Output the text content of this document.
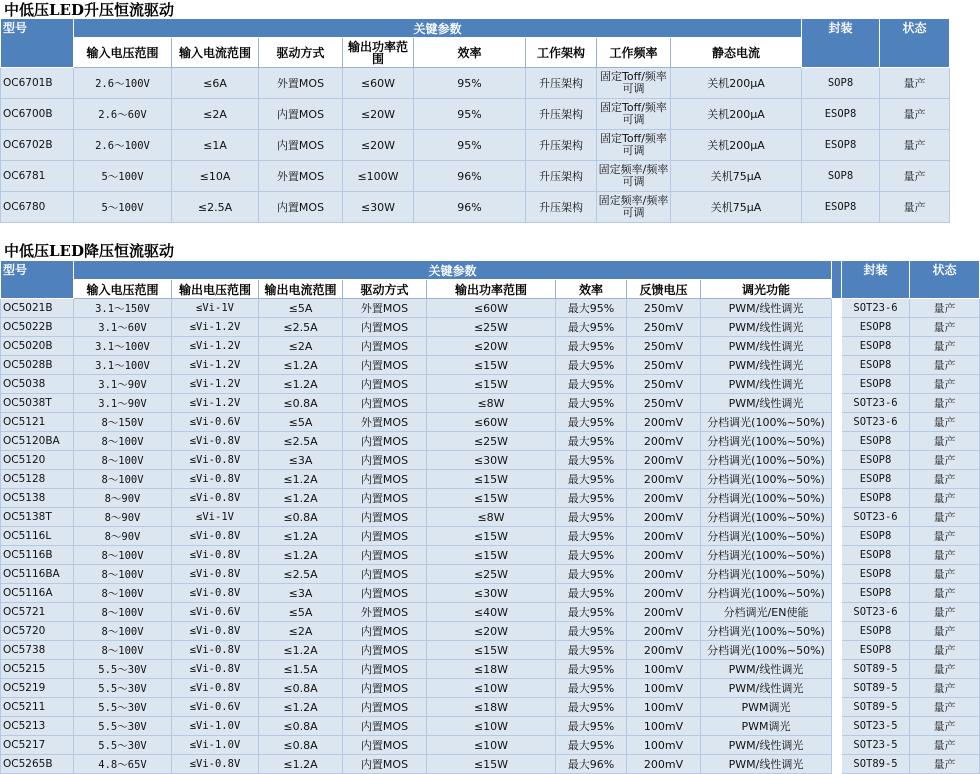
中低压LED升压恒流驱动
型号	关键参数								封装	状态
	输入电压范围	输入电流范围	驱动方式	输出功率范围	效率	工作架构	工作频率	静态电流		
OC6701B	2.6～100V	≤6A	外置MOS	≤60W	95%	升压架构	固定Toff/频率可调	关机200μA	SOP8	量产
OC6700B	2.6～60V	≤2A	内置MOS	≤20W	95%	升压架构	固定Toff/频率可调	关机200μA	ESOP8	量产
OC6702B	2.6～100V	≤1A	内置MOS	≤20W	95%	升压架构	固定Toff/频率可调	关机200μA	ESOP8	量产
OC6781	5～100V	≤10A	外置MOS	≤100W	96%	升压架构	固定频率/频率可调	关机75μA	SOP8	量产
OC6780	5～100V	≤2.5A	内置MOS	≤30W	96%	升压架构	固定频率/频率可调	关机75μA	ESOP8	量产
中低压LED降压恒流驱动
型号	关键参数									封装	状态
	输入电压范围	输出电压范围	输出电流范围	驱动方式	输出功率范围	效率	反馈电压	调光功能			
OC5021B	3.1～150V	≤Vi-1V	≤5A	外置MOS	≤60W	最大95%	250mV	PWM/线性调光		SOT23-6	量产
OC5022B	3.1～60V	≤Vi-1.2V	≤2.5A	内置MOS	≤25W	最大95%	250mV	PWM/线性调光		ESOP8	量产
OC5020B	3.1～100V	≤Vi-1.2V	≤2A	内置MOS	≤20W	最大95%	250mV	PWM/线性调光		ESOP8	量产
OC5028B	3.1～100V	≤Vi-1.2V	≤1.2A	内置MOS	≤15W	最大95%	250mV	PWM/线性调光		ESOP8	量产
OC5038	3.1～90V	≤Vi-1.2V	≤1.2A	内置MOS	≤15W	最大95%	250mV	PWM/线性调光		ESOP8	量产
OC5038T	3.1～90V	≤Vi-1.2V	≤0.8A	内置MOS	≤8W	最大95%	250mV	PWM/线性调光		SOT23-6	量产
OC5121	8～150V	≤Vi-0.6V	≤5A	外置MOS	≤60W	最大95%	200mV	分档调光(100%~50%)		SOT23-6	量产
OC5120BA	8～100V	≤Vi-0.8V	≤2.5A	内置MOS	≤25W	最大95%	200mV	分档调光(100%~50%)		ESOP8	量产
OC5120	8～100V	≤Vi-0.8V	≤3A	内置MOS	≤30W	最大95%	200mV	分档调光(100%~50%)		ESOP8	量产
OC5128	8～100V	≤Vi-0.8V	≤1.2A	内置MOS	≤15W	最大95%	200mV	分档调光(100%~50%)		ESOP8	量产
OC5138	8～90V	≤Vi-0.8V	≤1.2A	内置MOS	≤15W	最大95%	200mV	分档调光(100%~50%)		ESOP8	量产
OC5138T	8～90V	≤Vi-1V	≤0.8A	内置MOS	≤8W	最大95%	200mV	分档调光(100%~50%)		SOT23-6	量产
OC5116L	8～90V	≤Vi-0.8V	≤1.2A	内置MOS	≤15W	最大95%	200mV	分档调光(100%~50%)		ESOP8	量产
OC5116B	8～100V	≤Vi-0.8V	≤1.2A	内置MOS	≤15W	最大95%	200mV	分档调光(100%~50%)		ESOP8	量产
OC5116BA	8～100V	≤Vi-0.8V	≤2.5A	内置MOS	≤25W	最大95%	200mV	分档调光(100%~50%)		ESOP8	量产
OC5116A	8～100V	≤Vi-0.8V	≤3A	内置MOS	≤30W	最大95%	200mV	分档调光(100%~50%)		ESOP8	量产
OC5721	8～100V	≤Vi-0.6V	≤5A	外置MOS	≤40W	最大95%	200mV	分档调光/EN使能		SOT23-6	量产
OC5720	8～100V	≤Vi-0.8V	≤2A	内置MOS	≤20W	最大95%	200mV	分档调光(100%~50%)		ESOP8	量产
OC5738	8～100V	≤Vi-0.8V	≤1.2A	内置MOS	≤15W	最大95%	200mV	分档调光(100%~50%)		ESOP8	量产
OC5215	5.5～30V	≤Vi-0.8V	≤1.5A	内置MOS	≤18W	最大95%	100mV	PWM/线性调光		SOT89-5	量产
OC5219	5.5～30V	≤Vi-0.8V	≤0.8A	内置MOS	≤10W	最大95%	100mV	PWM/线性调光		SOT89-5	量产
OC5211	5.5～30V	≤Vi-0.6V	≤1.2A	内置MOS	≤18W	最大95%	100mV	PWM调光		SOT89-5	量产
OC5213	5.5～30V	≤Vi-1.0V	≤0.8A	内置MOS	≤10W	最大95%	100mV	PWM调光		SOT23-5	量产
OC5217	5.5～30V	≤Vi-1.0V	≤0.8A	内置MOS	≤10W	最大95%	100mV	PWM/线性调光		SOT23-5	量产
OC5265B	4.8～65V	≤Vi-0.8V	≤1.2A	内置MOS	≤15W	最大96%	200mV	PWM/线性调光		SOT89-5	量产
